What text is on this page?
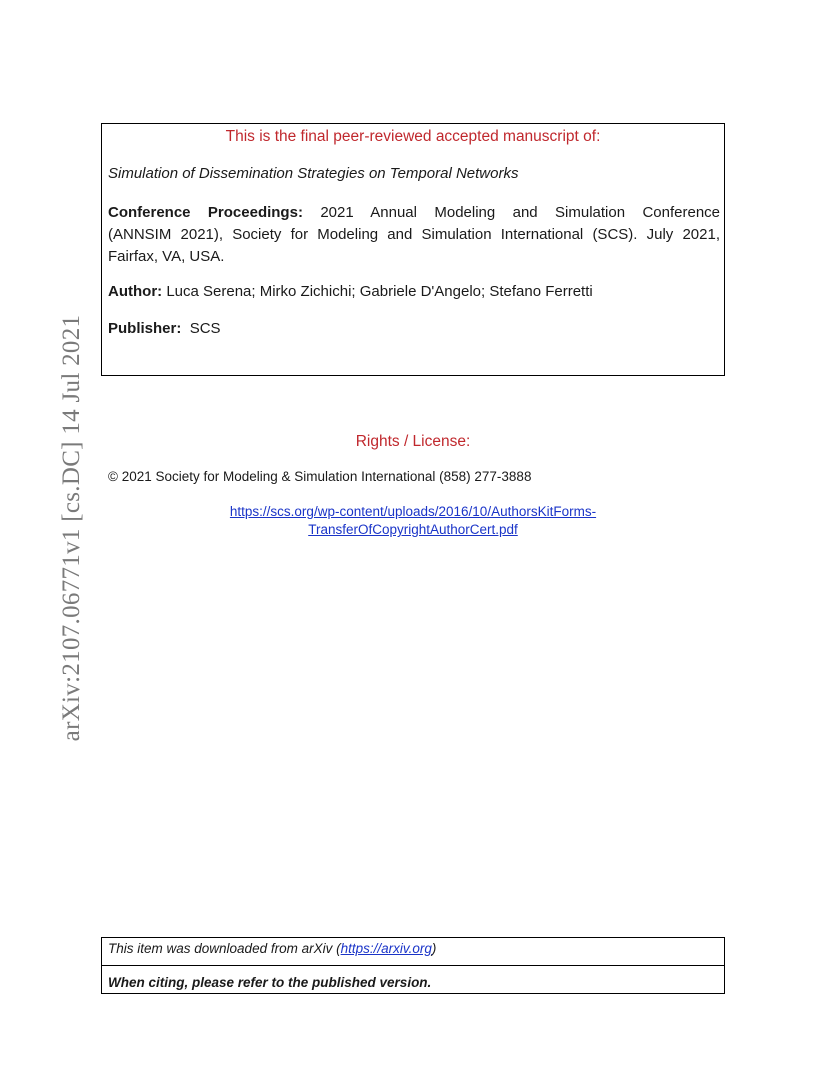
arXiv:2107.06771v1 [cs.DC] 14 Jul 2021
This is the final peer-reviewed accepted manuscript of:
Simulation of Dissemination Strategies on Temporal Networks
Conference Proceedings: 2021 Annual Modeling and Simulation Conference
(ANNSIM 2021), Society for Modeling and Simulation International (SCS). July 2021,
Fairfax, VA, USA.
Author: Luca Serena; Mirko Zichichi; Gabriele D'Angelo; Stefano Ferretti
Publisher:  SCS
Rights / License:
© 2021 Society for Modeling & Simulation International (858) 277-3888
https://scs.org/wp-content/uploads/2016/10/AuthorsKitForms-
TransferOfCopyrightAuthorCert.pdf
This item was downloaded from arXiv (https://arxiv.org)
When citing, please refer to the published version.
